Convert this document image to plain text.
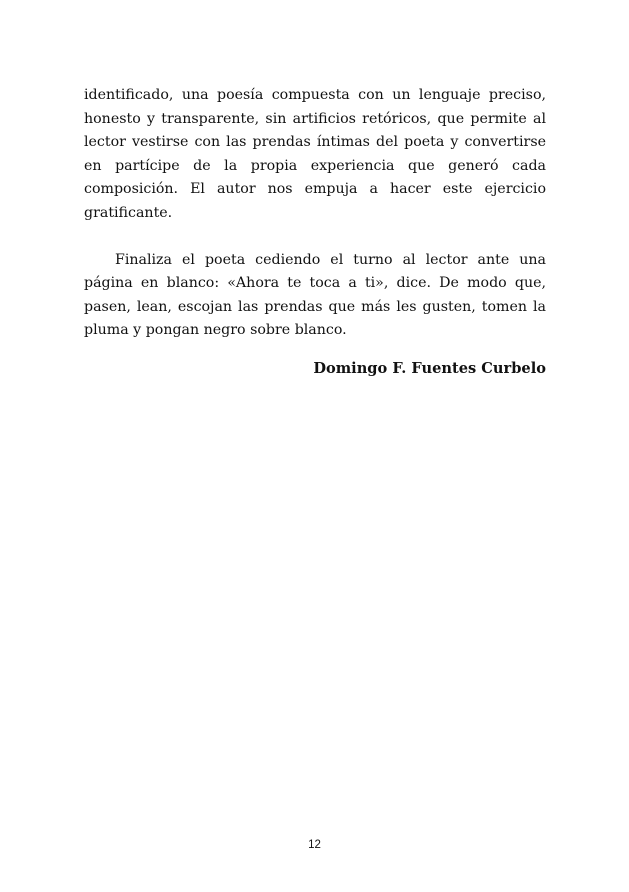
identificado, una poesía compuesta con un lenguaje preciso, honesto y transparente, sin artificios retóricos, que permite al lector vestirse con las prendas íntimas del poeta y convertirse en partícipe de la propia experiencia que generó cada composición. El autor nos empuja a hacer este ejercicio gratificante.

Finaliza el poeta cediendo el turno al lector ante una página en blanco: «Ahora te toca a ti», dice. De modo que, pasen, lean, escojan las prendas que más les gusten, tomen la pluma y pongan negro sobre blanco.

Domingo F. Fuentes Curbelo

12
